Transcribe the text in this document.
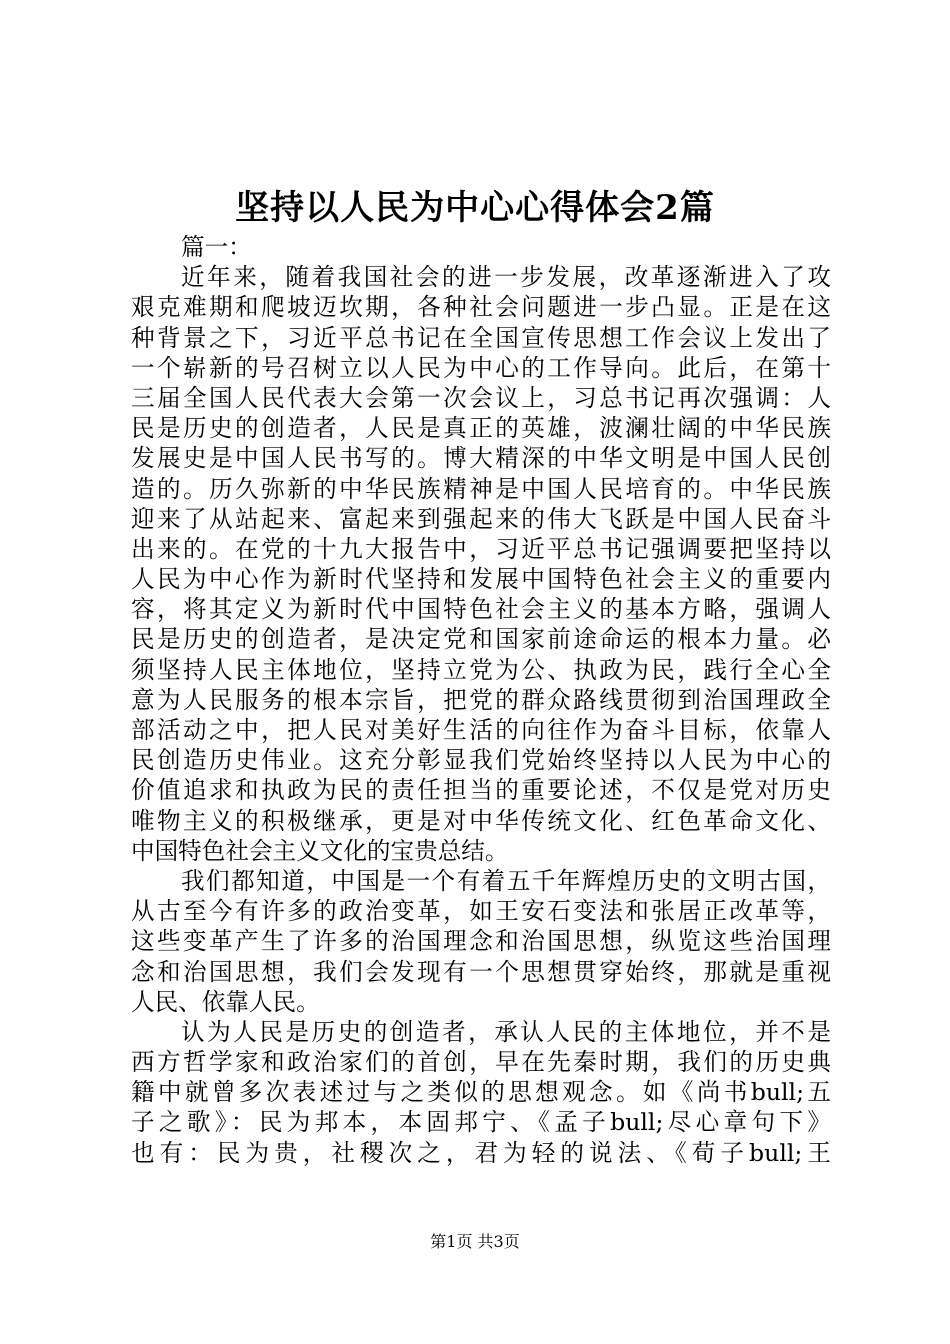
坚持以人民为中心心得体会2篇
篇一：
近年来，随着我国社会的进一步发展，改革逐渐进入了攻
艰克难期和爬坡迈坎期，各种社会问题进一步凸显。正是在这
种背景之下，习近平总书记在全国宣传思想工作会议上发出了
一个崭新的号召树立以人民为中心的工作导向。此后，在第十
三届全国人民代表大会第一次会议上，习总书记再次强调：人
民是历史的创造者，人民是真正的英雄，波澜壮阔的中华民族
发展史是中国人民书写的。博大精深的中华文明是中国人民创
造的。历久弥新的中华民族精神是中国人民培育的。中华民族
迎来了从站起来、富起来到强起来的伟大飞跃是中国人民奋斗
出来的。在党的十九大报告中，习近平总书记强调要把坚持以
人民为中心作为新时代坚持和发展中国特色社会主义的重要内
容，将其定义为新时代中国特色社会主义的基本方略，强调人
民是历史的创造者，是决定党和国家前途命运的根本力量。必
须坚持人民主体地位，坚持立党为公、执政为民，践行全心全
意为人民服务的根本宗旨，把党的群众路线贯彻到治国理政全
部活动之中，把人民对美好生活的向往作为奋斗目标，依靠人
民创造历史伟业。这充分彰显我们党始终坚持以人民为中心的
价值追求和执政为民的责任担当的重要论述，不仅是党对历史
唯物主义的积极继承，更是对中华传统文化、红色革命文化、
中国特色社会主义文化的宝贵总结。
我们都知道，中国是一个有着五千年辉煌历史的文明古国，
从古至今有许多的政治变革，如王安石变法和张居正改革等，
这些变革产生了许多的治国理念和治国思想，纵览这些治国理
念和治国思想，我们会发现有一个思想贯穿始终，那就是重视
人民、依靠人民。
认为人民是历史的创造者，承认人民的主体地位，并不是
西方哲学家和政治家们的首创，早在先秦时期，我们的历史典
籍中就曾多次表述过与之类似的思想观念。如《尚书bull;五
子之歌》：民为邦本，本固邦宁、《孟子bull;尽心章句下》
也有：民为贵，社稷次之，君为轻的说法、《荀子bull;王
第1页 共3页
